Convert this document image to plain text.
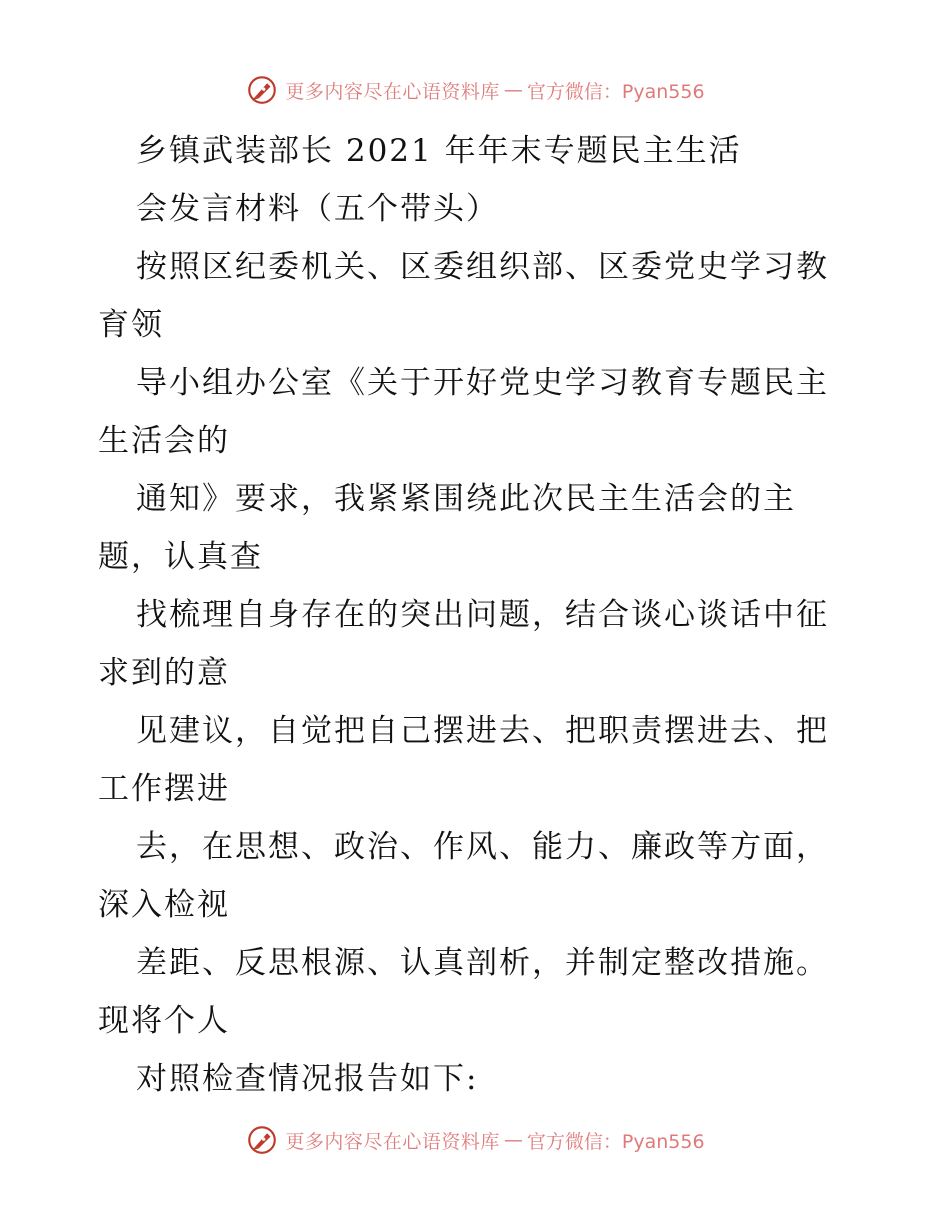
更多内容尽在心语资料库 — 官方微信：Pyan556
乡镇武装部长 2021 年年末专题民主生活
会发言材料（五个带头）
按照区纪委机关、区委组织部、区委党史学习教
育领
导小组办公室《关于开好党史学习教育专题民主
生活会的
通知》要求，我紧紧围绕此次民主生活会的主
题，认真查
找梳理自身存在的突出问题，结合谈心谈话中征
求到的意
见建议，自觉把自己摆进去、把职责摆进去、把
工作摆进
去，在思想、政治、作风、能力、廉政等方面，
深入检视
差距、反思根源、认真剖析，并制定整改措施。
现将个人
对照检查情况报告如下:
更多内容尽在心语资料库 — 官方微信：Pyan556
